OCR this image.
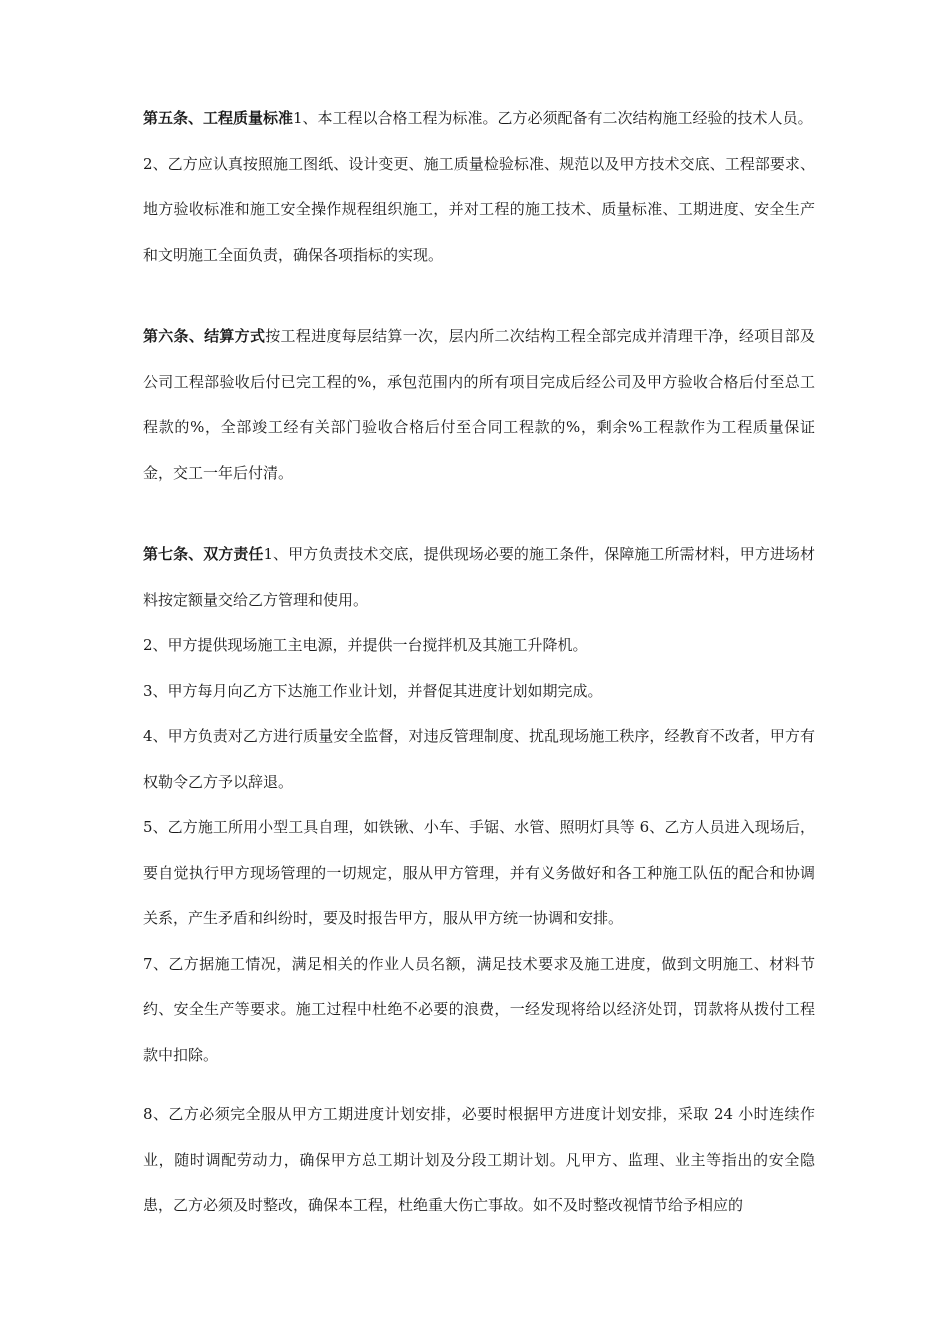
第五条、工程质量标准1、本工程以合格工程为标准。乙方必须配备有二次结构施工经验的技术人员。

2、乙方应认真按照施工图纸、设计变更、施工质量检验标准、规范以及甲方技术交底、工程部要求、地方验收标准和施工安全操作规程组织施工，并对工程的施工技术、质量标准、工期进度、安全生产和文明施工全面负责，确保各项指标的实现。

第六条、结算方式按工程进度每层结算一次，层内所二次结构工程全部完成并清理干净，经项目部及公司工程部验收后付已完工程的%，承包范围内的所有项目完成后经公司及甲方验收合格后付至总工程款的%，全部竣工经有关部门验收合格后付至合同工程款的%，剩余%工程款作为工程质量保证金，交工一年后付清。

第七条、双方责任1、甲方负责技术交底，提供现场必要的施工条件，保障施工所需材料，甲方进场材料按定额量交给乙方管理和使用。

2、甲方提供现场施工主电源，并提供一台搅拌机及其施工升降机。

3、甲方每月向乙方下达施工作业计划，并督促其进度计划如期完成。

4、甲方负责对乙方进行质量安全监督，对违反管理制度、扰乱现场施工秩序，经教育不改者，甲方有权勒令乙方予以辞退。

5、乙方施工所用小型工具自理，如铁锹、小车、手锯、水管、照明灯具等 6、乙方人员进入现场后，要自觉执行甲方现场管理的一切规定，服从甲方管理，并有义务做好和各工种施工队伍的配合和协调关系，产生矛盾和纠纷时，要及时报告甲方，服从甲方统一协调和安排。

7、乙方据施工情况，满足相关的作业人员名额，满足技术要求及施工进度，做到文明施工、材料节约、安全生产等要求。施工过程中杜绝不必要的浪费，一经发现将给以经济处罚，罚款将从拨付工程款中扣除。

8、乙方必须完全服从甲方工期进度计划安排，必要时根据甲方进度计划安排，采取 24 小时连续作业，随时调配劳动力，确保甲方总工期计划及分段工期计划。凡甲方、监理、业主等指出的安全隐患，乙方必须及时整改，确保本工程，杜绝重大伤亡事故。如不及时整改视情节给予相应的
